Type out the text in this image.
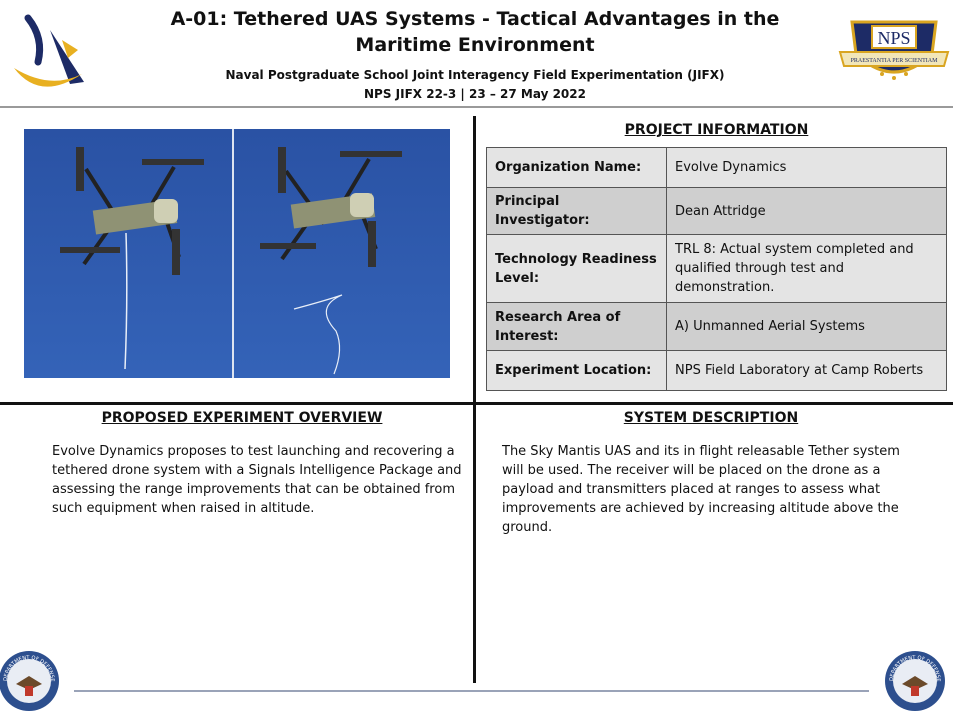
A-01: Tethered UAS Systems - Tactical Advantages in the
Maritime Environment
Naval Postgraduate School Joint Interagency Field Experimentation (JIFX)
NPS JIFX 22-3 | 23 – 27 May 2022
NPS
PRAESTANTIA PER SCIENTIAM
PROJECT INFORMATION
Organization Name:	Evolve Dynamics
Principal Investigator:	Dean Attridge
Technology Readiness Level:	TRL 8: Actual system completed and qualified through test and demonstration.
Research Area of Interest:	A) Unmanned Aerial Systems
Experiment Location:	NPS Field Laboratory at Camp Roberts
PROPOSED EXPERIMENT OVERVIEW
Evolve Dynamics proposes to test launching and recovering a tethered drone system with a Signals Intelligence Package and assessing the range improvements that can be obtained from such equipment when raised in altitude.
SYSTEM DESCRIPTION
The Sky Mantis UAS and its in flight releasable Tether system will be used. The receiver will be placed on the drone as a payload and transmitters placed at ranges to assess what improvements are achieved by increasing altitude above the ground.
DEPARTMENT OF DEFENSE	DEPARTMENT OF DEFENSE
